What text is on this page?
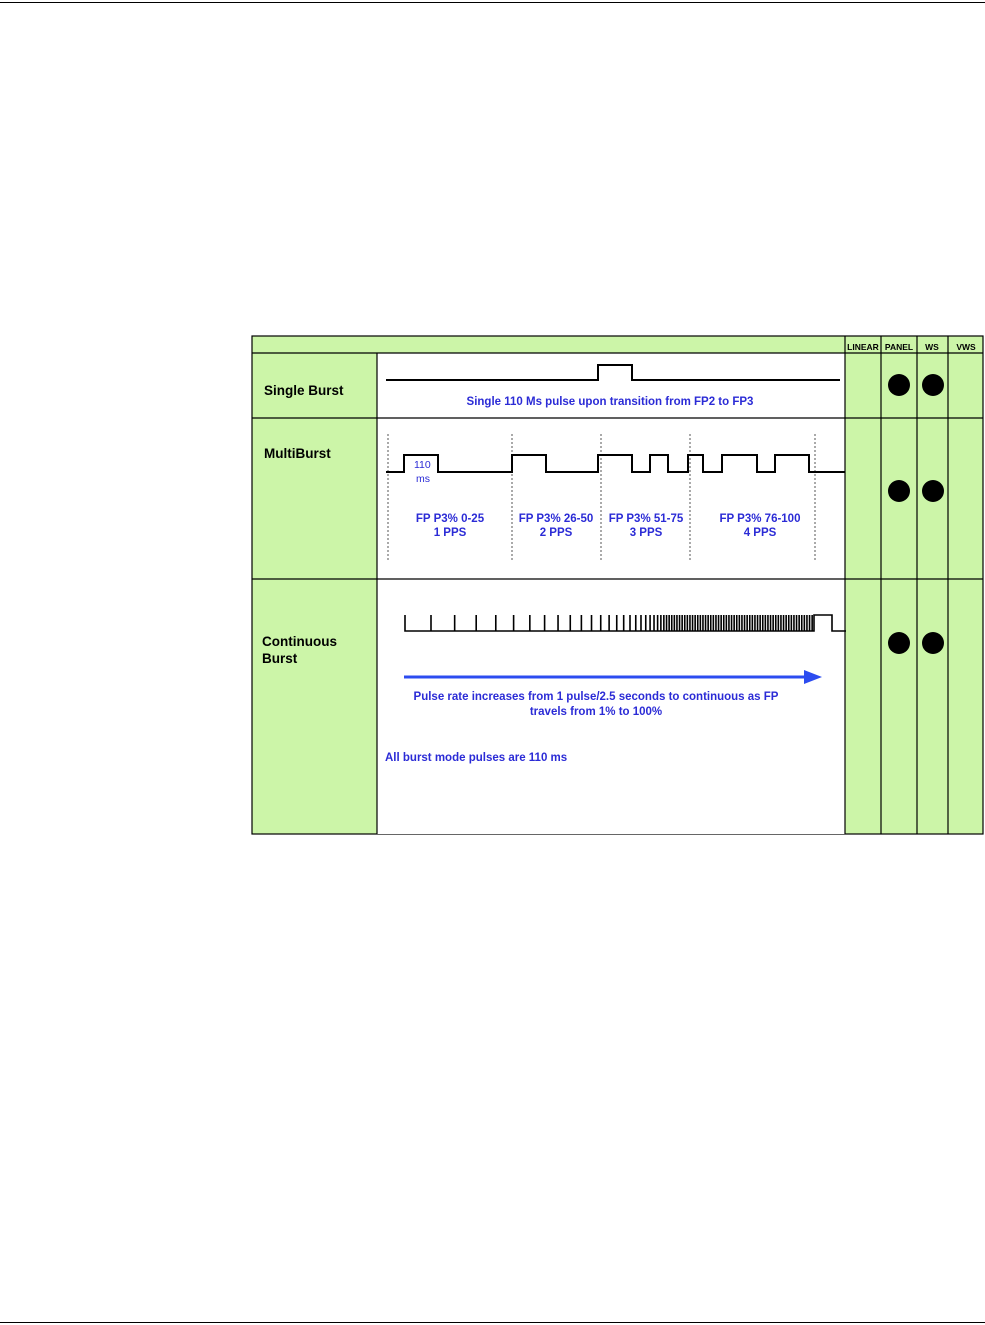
LINEAR PANEL WS VWS
Single Burst
MultiBurst
Continuous
Burst
Single 110 Ms pulse upon transition from FP2 to FP3
110
ms
FP P3% 0-25
1 PPS
FP P3% 26-50
2 PPS
FP P3% 51-75
3 PPS
FP P3% 76-100
4 PPS
Pulse rate increases from 1 pulse/2.5 seconds to continuous as FP
travels from 1% to 100%
All burst mode pulses are 110 ms
